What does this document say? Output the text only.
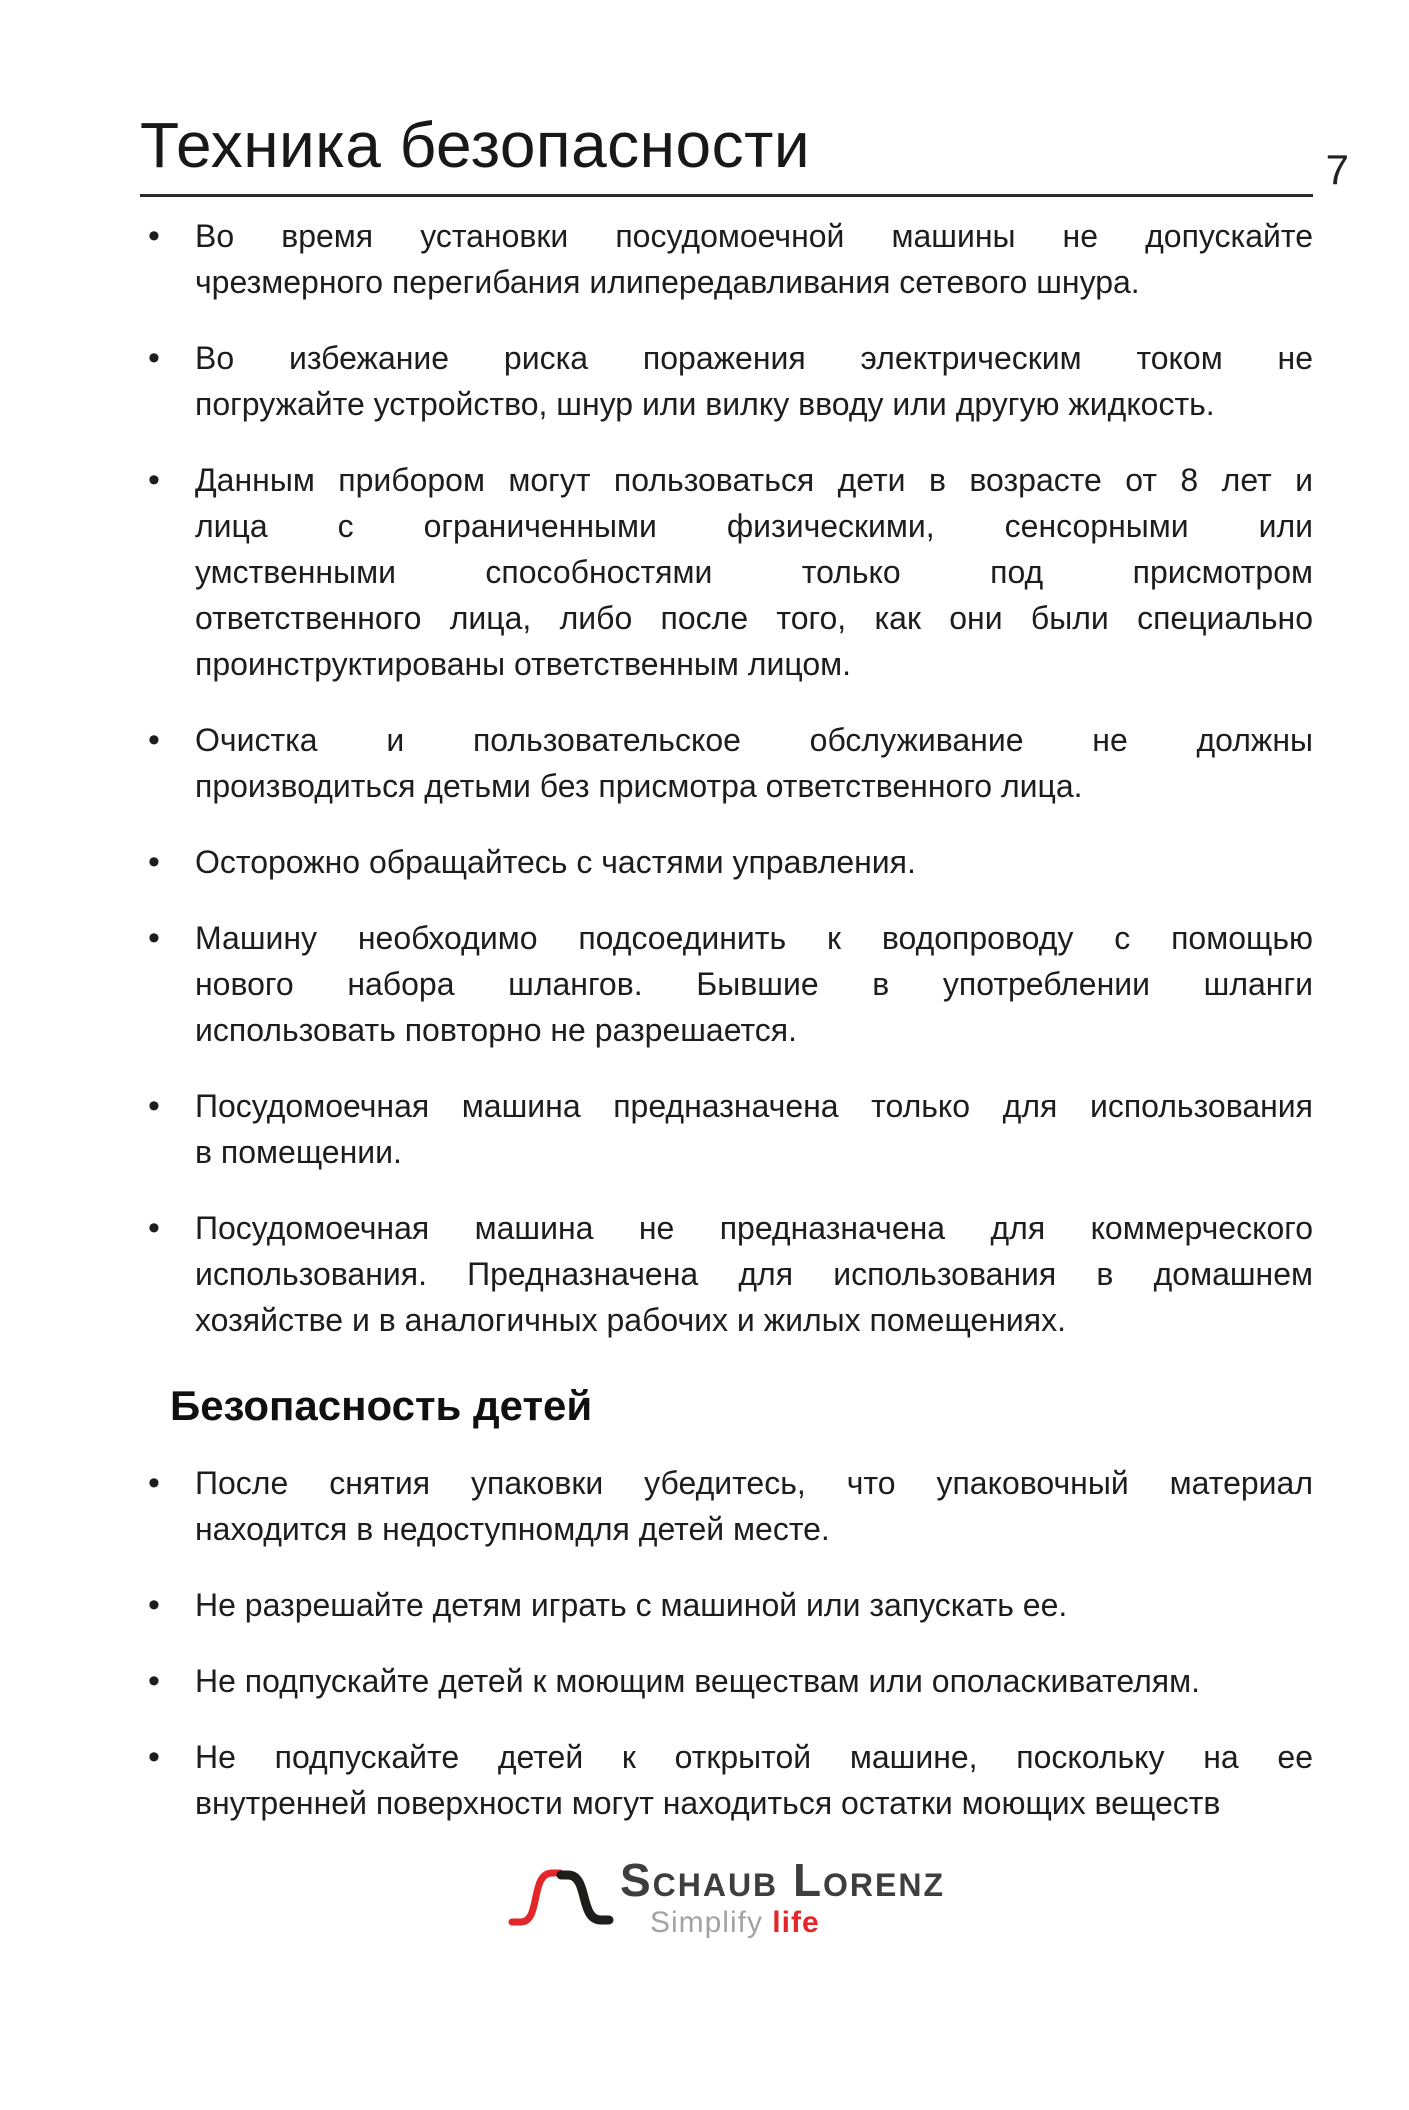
7
Техника безопасности
• Во время установки посудомоечной машины не допускайте
чрезмерного перегибания илипередавливания сетевого шнура.
• Во избежание риска поражения электрическим током не
погружайте устройство, шнур или вилку вводу или другую жидкость.
• Данным прибором могут пользоваться дети в возрасте от 8 лет и
лица с ограниченными физическими, сенсорными или
умственными способностями только под присмотром
ответственного лица, либо после того, как они были специально
проинструктированы ответственным лицом.
• Очистка и пользовательское обслуживание не должны
производиться детьми без присмотра ответственного лица.
• Осторожно обращайтесь с частями управления.
• Машину необходимо подсоединить к водопроводу с помощью
нового набора шлангов. Бывшие в употреблении шланги
использовать повторно не разрешается.
• Посудомоечная машина предназначена только для использования
в помещении.
• Посудомоечная машина не предназначена для коммерческого
использования. Предназначена для использования в домашнем
хозяйстве и в аналогичных рабочих и жилых помещениях.
Безопасность детей
• После снятия упаковки убедитесь, что упаковочный материал
находится в недоступномдля детей месте.
• Не разрешайте детям играть с машиной или запускать ее.
• Не подпускайте детей к моющим веществам или ополаскивателям.
• Не подпускайте детей к открытой машине, поскольку на ее
внутренней поверхности могут находиться остатки моющих веществ
Schaub Lorenz
Simplify life
